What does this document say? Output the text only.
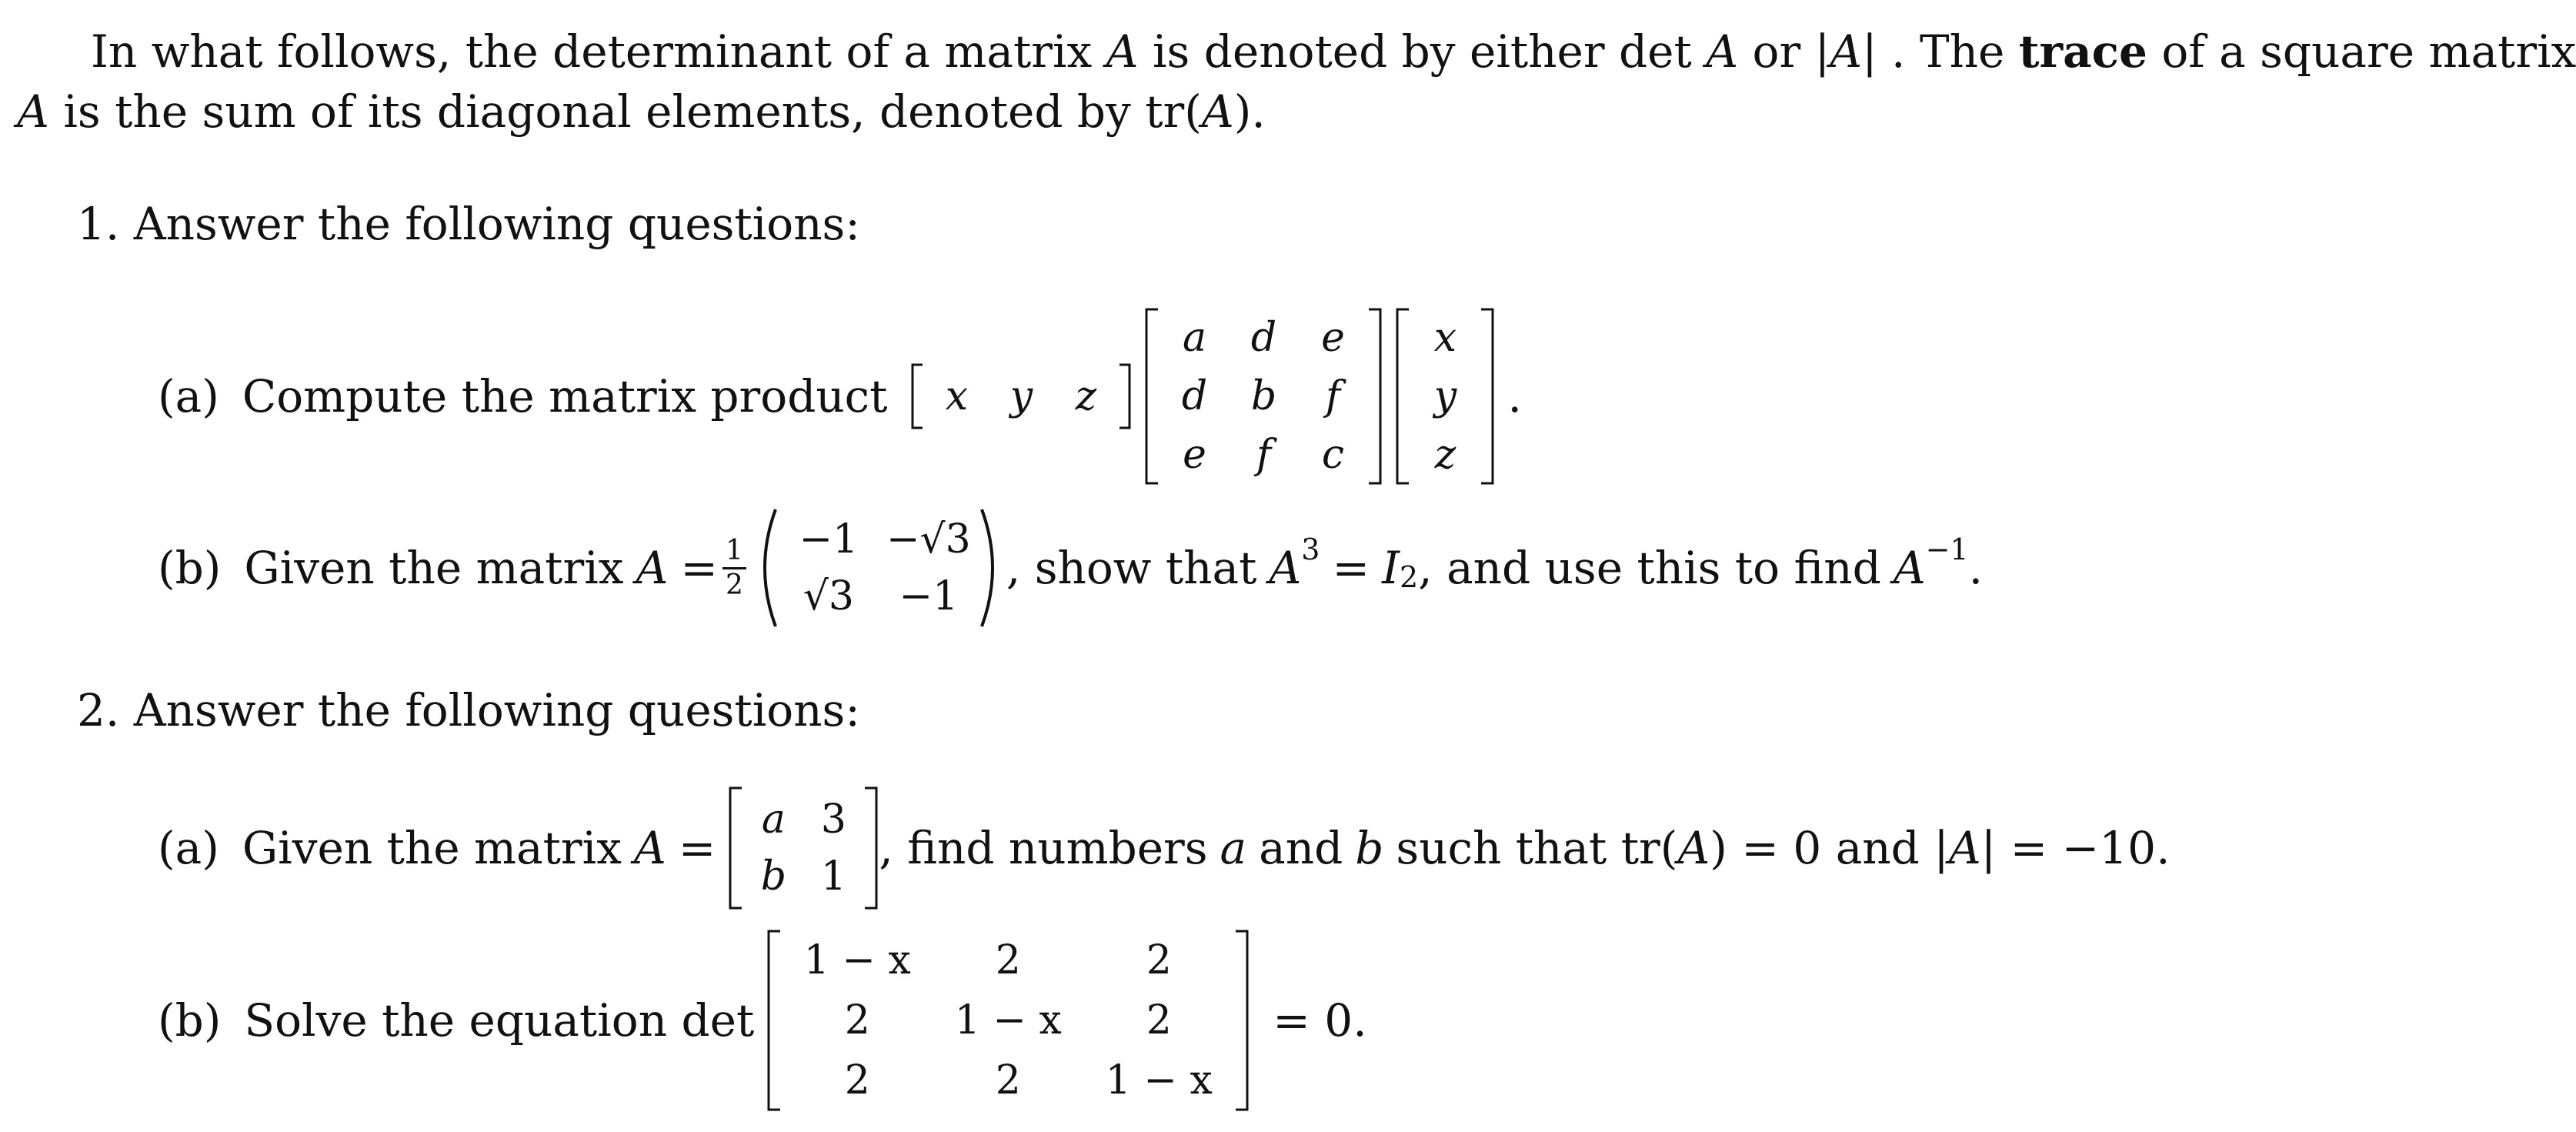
In what follows, the determinant of a matrix A is denoted by either det A or |A| . The trace of a square matrix
A is the sum of its diagonal elements, denoted by tr(A).
1. Answer the following questions:
(a) Compute the matrix product	x	y	z
a	d	e
d	b	f
e	f	c
x
y
z
.
(b) Given the matrix $A = \frac{1}{2}$	−1 −√3
√3	−1
, show that A 3 = I 2 , and use this to find A −1 .
2. Answer the following questions:
(a) Given the matrix A =
a 3
b 1
, find numbers a and b such that tr( A ) = 0 and | A | = −10.
(b) Solve the equation det
1 − x	2	2
2	1 − x	2
2	2	1 − x
= 0.
